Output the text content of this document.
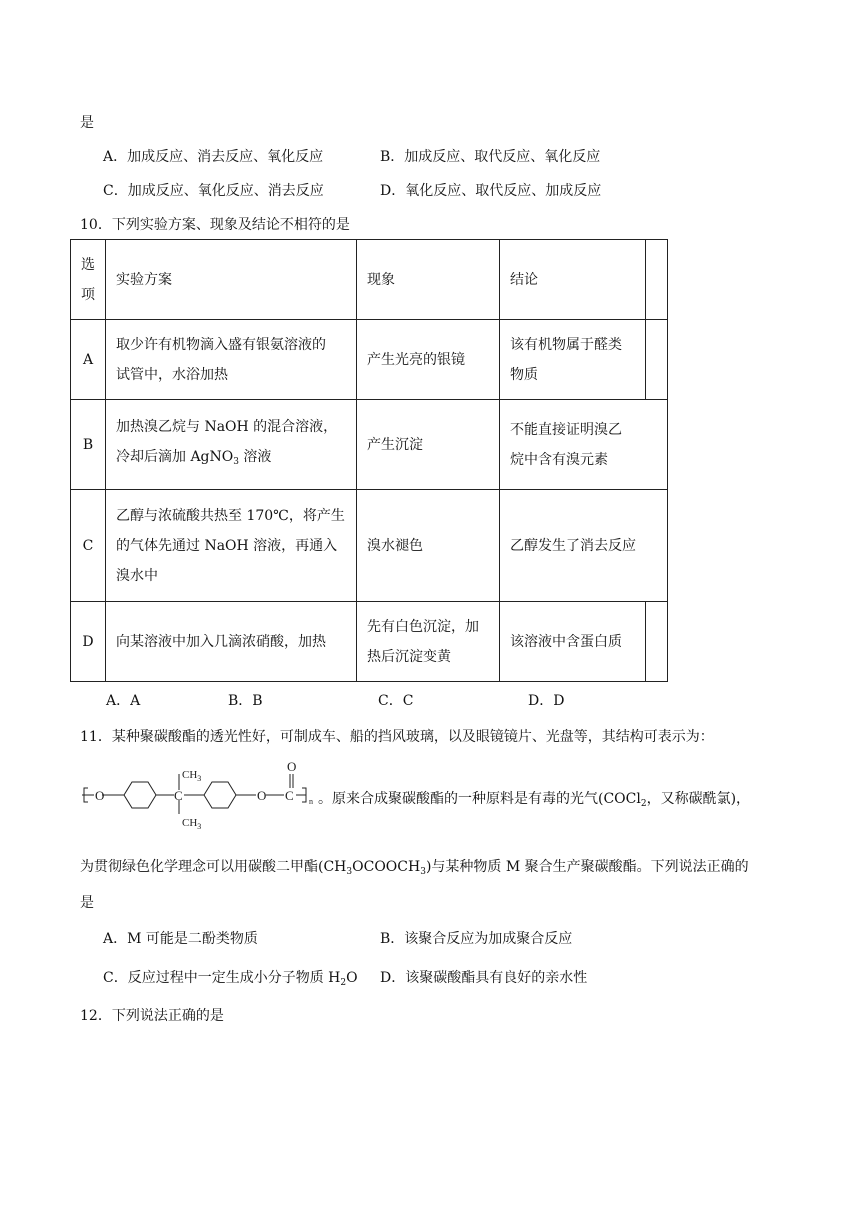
是
A．加成反应、消去反应、氧化反应	B．加成反应、取代反应、氧化反应
C．加成反应、氧化反应、消去反应	D．氧化反应、取代反应、加成反应
10．下列实验方案、现象及结论不相符的是
选
项	实验方案	现象	结论	
A	取少许有机物滴入盛有银氨溶液的
试管中，水浴加热	产生光亮的银镜	该有机物属于醛类
物质	
B	加热溴乙烷与 NaOH 的混合溶液，
冷却后滴加 AgNO$_3$ 溶液	产生沉淀	不能直接证明溴乙
烷中含有溴元素	
C	乙醇与浓硫酸共热至 170℃，将产生
的气体先通过 NaOH 溶液，再通入
溴水中	溴水褪色	乙醇发生了消去反应	
D	向某溶液中加入几滴浓硝酸，加热	先有白色沉淀，加
热后沉淀变黄	该溶液中含蛋白质	
A．A	B．B	C．C	D．D
11．某种聚碳酸酯的透光性好，可制成车、船的挡风玻璃，以及眼镜镜片、光盘等，其结构可表示为：
O	C
$CH_3$
$CH_3$
O C
O
n 。原来合成聚碳酸酯的一种原料是有毒的光气(COCl$_2$，又称碳酰氯)，
为贯彻绿色化学理念可以用碳酸二甲酯$(CH_3OCOOCH_3)$与某种物质 M 聚合生产聚碳酸酯。下列说法正确的
是
A．M 可能是二酚类物质	B．该聚合反应为加成聚合反应
C．反应过程中一定生成小分子物质 $H_2O$ D．该聚碳酸酯具有良好的亲水性
12．下列说法正确的是
